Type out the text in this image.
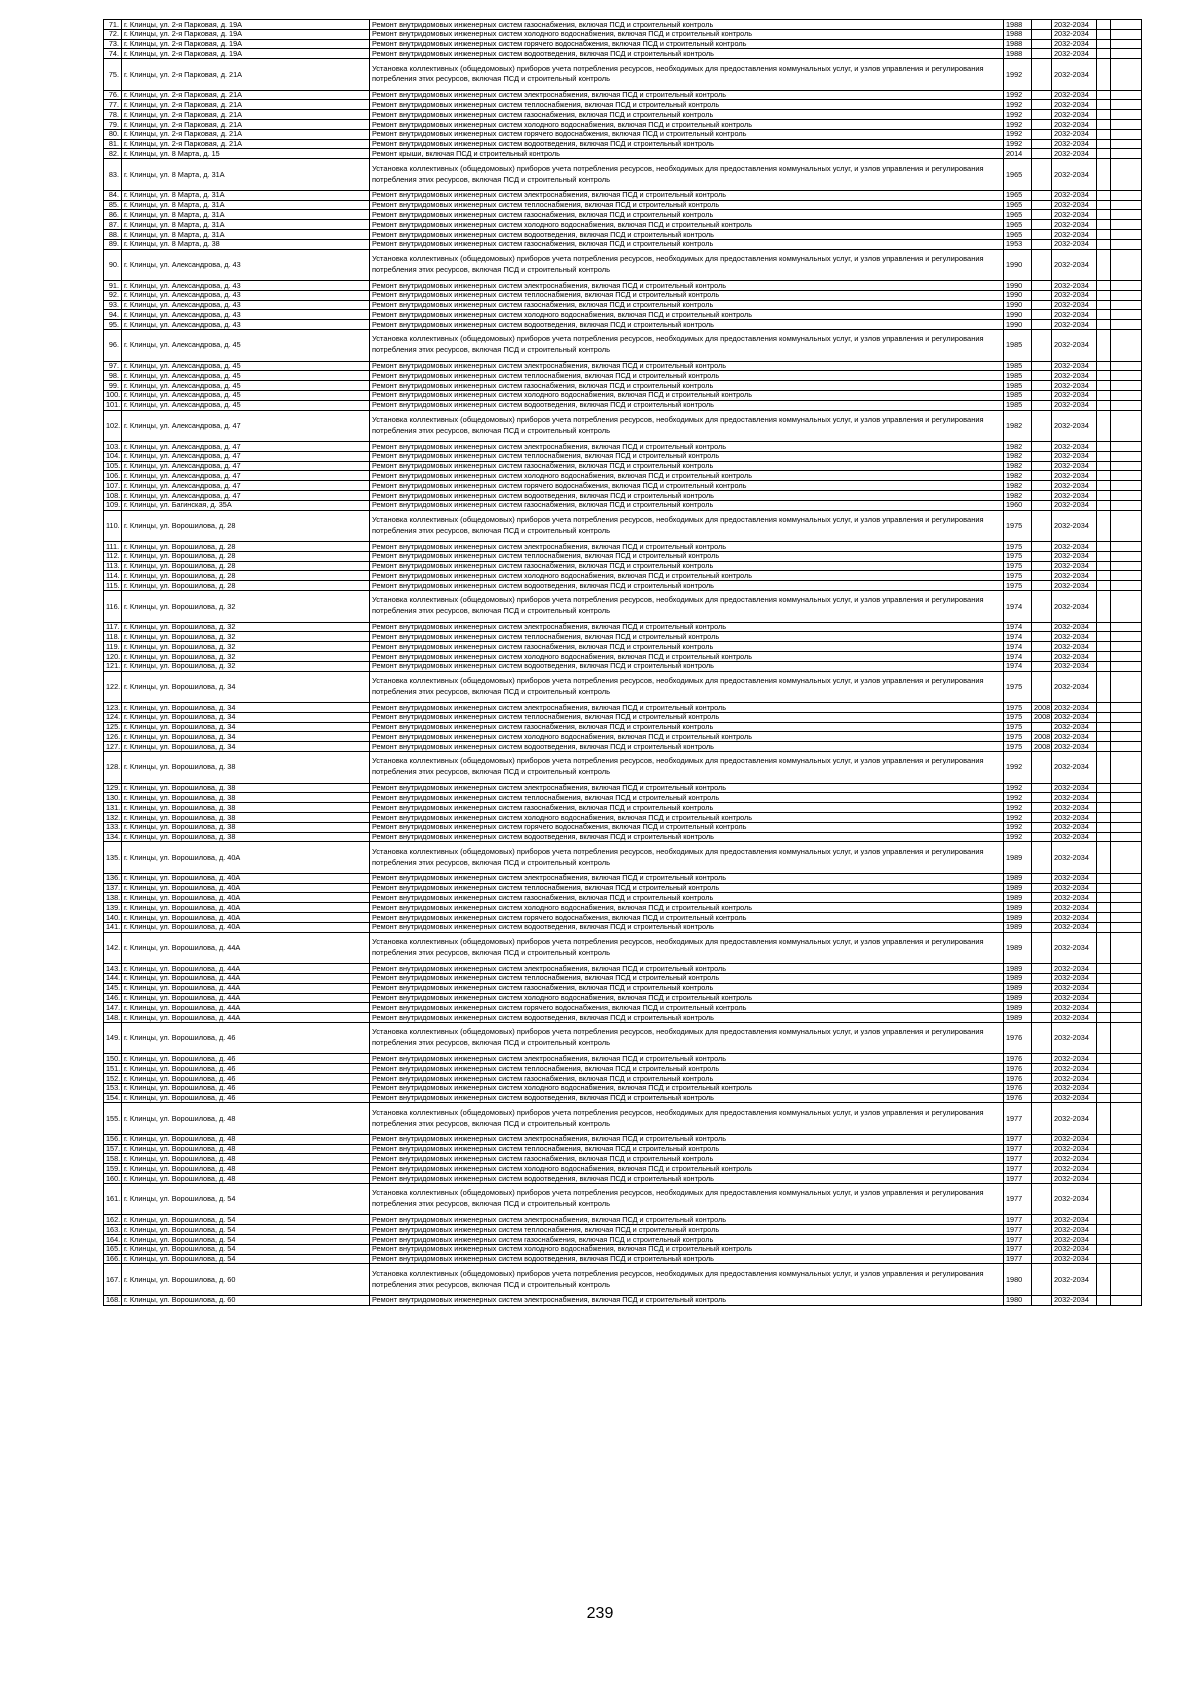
71.	г. Клинцы, ул. 2-я Парковая, д. 19А	Ремонт внутридомовых инженерных систем газоснабжения, включая ПСД и строительный контроль	1988		2032-2034		
72.	г. Клинцы, ул. 2-я Парковая, д. 19А	Ремонт внутридомовых инженерных систем холодного водоснабжения, включая ПСД и строительный контроль	1988		2032-2034		
73.	г. Клинцы, ул. 2-я Парковая, д. 19А	Ремонт внутридомовых инженерных систем горячего водоснабжения, включая ПСД и строительный контроль	1988		2032-2034		
74.	г. Клинцы, ул. 2-я Парковая, д. 19А	Ремонт внутридомовых инженерных систем водоотведения, включая ПСД и строительный контроль	1988		2032-2034		
75.	г. Клинцы, ул. 2-я Парковая, д. 21А	Установка коллективных (общедомовых) приборов учета потребления ресурсов, необходимых для предоставления коммунальных услуг, и узлов управления и регулирования потребления этих ресурсов, включая ПСД и строительный контроль	1992		2032-2034		
76.	г. Клинцы, ул. 2-я Парковая, д. 21А	Ремонт внутридомовых инженерных систем электроснабжения, включая ПСД и строительный контроль	1992		2032-2034		
77.	г. Клинцы, ул. 2-я Парковая, д. 21А	Ремонт внутридомовых инженерных систем теплоснабжения, включая ПСД и строительный контроль	1992		2032-2034		
78.	г. Клинцы, ул. 2-я Парковая, д. 21А	Ремонт внутридомовых инженерных систем газоснабжения, включая ПСД и строительный контроль	1992		2032-2034		
79.	г. Клинцы, ул. 2-я Парковая, д. 21А	Ремонт внутридомовых инженерных систем холодного водоснабжения, включая ПСД и строительный контроль	1992		2032-2034		
80.	г. Клинцы, ул. 2-я Парковая, д. 21А	Ремонт внутридомовых инженерных систем горячего водоснабжения, включая ПСД и строительный контроль	1992		2032-2034		
81.	г. Клинцы, ул. 2-я Парковая, д. 21А	Ремонт внутридомовых инженерных систем водоотведения, включая ПСД и строительный контроль	1992		2032-2034		
82.	г. Клинцы, ул. 8 Марта, д. 15	Ремонт крыши, включая ПСД и строительный контроль	2014		2032-2034		
83.	г. Клинцы, ул. 8 Марта, д. 31А	Установка коллективных (общедомовых) приборов учета потребления ресурсов, необходимых для предоставления коммунальных услуг, и узлов управления и регулирования потребления этих ресурсов, включая ПСД и строительный контроль	1965		2032-2034		
84.	г. Клинцы, ул. 8 Марта, д. 31А	Ремонт внутридомовых инженерных систем электроснабжения, включая ПСД и строительный контроль	1965		2032-2034		
85.	г. Клинцы, ул. 8 Марта, д. 31А	Ремонт внутридомовых инженерных систем теплоснабжения, включая ПСД и строительный контроль	1965		2032-2034		
86.	г. Клинцы, ул. 8 Марта, д. 31А	Ремонт внутридомовых инженерных систем газоснабжения, включая ПСД и строительный контроль	1965		2032-2034		
87.	г. Клинцы, ул. 8 Марта, д. 31А	Ремонт внутридомовых инженерных систем холодного водоснабжения, включая ПСД и строительный контроль	1965		2032-2034		
88.	г. Клинцы, ул. 8 Марта, д. 31А	Ремонт внутридомовых инженерных систем водоотведения, включая ПСД и строительный контроль	1965		2032-2034		
89.	г. Клинцы, ул. 8 Марта, д. 38	Ремонт внутридомовых инженерных систем газоснабжения, включая ПСД и строительный контроль	1953		2032-2034		
90.	г. Клинцы, ул. Александрова, д. 43	Установка коллективных (общедомовых) приборов учета потребления ресурсов, необходимых для предоставления коммунальных услуг, и узлов управления и регулирования потребления этих ресурсов, включая ПСД и строительный контроль	1990		2032-2034		
91.	г. Клинцы, ул. Александрова, д. 43	Ремонт внутридомовых инженерных систем электроснабжения, включая ПСД и строительный контроль	1990		2032-2034		
92.	г. Клинцы, ул. Александрова, д. 43	Ремонт внутридомовых инженерных систем теплоснабжения, включая ПСД и строительный контроль	1990		2032-2034		
93.	г. Клинцы, ул. Александрова, д. 43	Ремонт внутридомовых инженерных систем газоснабжения, включая ПСД и строительный контроль	1990		2032-2034		
94.	г. Клинцы, ул. Александрова, д. 43	Ремонт внутридомовых инженерных систем холодного водоснабжения, включая ПСД и строительный контроль	1990		2032-2034		
95.	г. Клинцы, ул. Александрова, д. 43	Ремонт внутридомовых инженерных систем водоотведения, включая ПСД и строительный контроль	1990		2032-2034		
96.	г. Клинцы, ул. Александрова, д. 45	Установка коллективных (общедомовых) приборов учета потребления ресурсов, необходимых для предоставления коммунальных услуг, и узлов управления и регулирования потребления этих ресурсов, включая ПСД и строительный контроль	1985		2032-2034		
97.	г. Клинцы, ул. Александрова, д. 45	Ремонт внутридомовых инженерных систем электроснабжения, включая ПСД и строительный контроль	1985		2032-2034		
98.	г. Клинцы, ул. Александрова, д. 45	Ремонт внутридомовых инженерных систем теплоснабжения, включая ПСД и строительный контроль	1985		2032-2034		
99.	г. Клинцы, ул. Александрова, д. 45	Ремонт внутридомовых инженерных систем газоснабжения, включая ПСД и строительный контроль	1985		2032-2034		
100.	г. Клинцы, ул. Александрова, д. 45	Ремонт внутридомовых инженерных систем холодного водоснабжения, включая ПСД и строительный контроль	1985		2032-2034		
101.	г. Клинцы, ул. Александрова, д. 45	Ремонт внутридомовых инженерных систем водоотведения, включая ПСД и строительный контроль	1985		2032-2034		
102.	г. Клинцы, ул. Александрова, д. 47	Установка коллективных (общедомовых) приборов учета потребления ресурсов, необходимых для предоставления коммунальных услуг, и узлов управления и регулирования потребления этих ресурсов, включая ПСД и строительный контроль	1982		2032-2034		
103.	г. Клинцы, ул. Александрова, д. 47	Ремонт внутридомовых инженерных систем электроснабжения, включая ПСД и строительный контроль	1982		2032-2034		
104.	г. Клинцы, ул. Александрова, д. 47	Ремонт внутридомовых инженерных систем теплоснабжения, включая ПСД и строительный контроль	1982		2032-2034		
105.	г. Клинцы, ул. Александрова, д. 47	Ремонт внутридомовых инженерных систем газоснабжения, включая ПСД и строительный контроль	1982		2032-2034		
106.	г. Клинцы, ул. Александрова, д. 47	Ремонт внутридомовых инженерных систем холодного водоснабжения, включая ПСД и строительный контроль	1982		2032-2034		
107.	г. Клинцы, ул. Александрова, д. 47	Ремонт внутридомовых инженерных систем горячего водоснабжения, включая ПСД и строительный контроль	1982		2032-2034		
108.	г. Клинцы, ул. Александрова, д. 47	Ремонт внутридомовых инженерных систем водоотведения, включая ПСД и строительный контроль	1982		2032-2034		
109.	г. Клинцы, ул. Багинская, д. 35А	Ремонт внутридомовых инженерных систем газоснабжения, включая ПСД и строительный контроль	1960		2032-2034		
110.	г. Клинцы, ул. Ворошилова, д. 28	Установка коллективных (общедомовых) приборов учета потребления ресурсов, необходимых для предоставления коммунальных услуг, и узлов управления и регулирования потребления этих ресурсов, включая ПСД и строительный контроль	1975		2032-2034		
111.	г. Клинцы, ул. Ворошилова, д. 28	Ремонт внутридомовых инженерных систем электроснабжения, включая ПСД и строительный контроль	1975		2032-2034		
112.	г. Клинцы, ул. Ворошилова, д. 28	Ремонт внутридомовых инженерных систем теплоснабжения, включая ПСД и строительный контроль	1975		2032-2034		
113.	г. Клинцы, ул. Ворошилова, д. 28	Ремонт внутридомовых инженерных систем газоснабжения, включая ПСД и строительный контроль	1975		2032-2034		
114.	г. Клинцы, ул. Ворошилова, д. 28	Ремонт внутридомовых инженерных систем холодного водоснабжения, включая ПСД и строительный контроль	1975		2032-2034		
115.	г. Клинцы, ул. Ворошилова, д. 28	Ремонт внутридомовых инженерных систем водоотведения, включая ПСД и строительный контроль	1975		2032-2034		
116.	г. Клинцы, ул. Ворошилова, д. 32	Установка коллективных (общедомовых) приборов учета потребления ресурсов, необходимых для предоставления коммунальных услуг, и узлов управления и регулирования потребления этих ресурсов, включая ПСД и строительный контроль	1974		2032-2034		
117.	г. Клинцы, ул. Ворошилова, д. 32	Ремонт внутридомовых инженерных систем электроснабжения, включая ПСД и строительный контроль	1974		2032-2034		
118.	г. Клинцы, ул. Ворошилова, д. 32	Ремонт внутридомовых инженерных систем теплоснабжения, включая ПСД и строительный контроль	1974		2032-2034		
119.	г. Клинцы, ул. Ворошилова, д. 32	Ремонт внутридомовых инженерных систем газоснабжения, включая ПСД и строительный контроль	1974		2032-2034		
120.	г. Клинцы, ул. Ворошилова, д. 32	Ремонт внутридомовых инженерных систем холодного водоснабжения, включая ПСД и строительный контроль	1974		2032-2034		
121.	г. Клинцы, ул. Ворошилова, д. 32	Ремонт внутридомовых инженерных систем водоотведения, включая ПСД и строительный контроль	1974		2032-2034		
122.	г. Клинцы, ул. Ворошилова, д. 34	Установка коллективных (общедомовых) приборов учета потребления ресурсов, необходимых для предоставления коммунальных услуг, и узлов управления и регулирования потребления этих ресурсов, включая ПСД и строительный контроль	1975		2032-2034		
123.	г. Клинцы, ул. Ворошилова, д. 34	Ремонт внутридомовых инженерных систем электроснабжения, включая ПСД и строительный контроль	1975	2008	2032-2034		
124.	г. Клинцы, ул. Ворошилова, д. 34	Ремонт внутридомовых инженерных систем теплоснабжения, включая ПСД и строительный контроль	1975	2008	2032-2034		
125.	г. Клинцы, ул. Ворошилова, д. 34	Ремонт внутридомовых инженерных систем газоснабжения, включая ПСД и строительный контроль	1975		2032-2034		
126.	г. Клинцы, ул. Ворошилова, д. 34	Ремонт внутридомовых инженерных систем холодного водоснабжения, включая ПСД и строительный контроль	1975	2008	2032-2034		
127.	г. Клинцы, ул. Ворошилова, д. 34	Ремонт внутридомовых инженерных систем водоотведения, включая ПСД и строительный контроль	1975	2008	2032-2034		
128.	г. Клинцы, ул. Ворошилова, д. 38	Установка коллективных (общедомовых) приборов учета потребления ресурсов, необходимых для предоставления коммунальных услуг, и узлов управления и регулирования потребления этих ресурсов, включая ПСД и строительный контроль	1992		2032-2034		
129.	г. Клинцы, ул. Ворошилова, д. 38	Ремонт внутридомовых инженерных систем электроснабжения, включая ПСД и строительный контроль	1992		2032-2034		
130.	г. Клинцы, ул. Ворошилова, д. 38	Ремонт внутридомовых инженерных систем теплоснабжения, включая ПСД и строительный контроль	1992		2032-2034		
131.	г. Клинцы, ул. Ворошилова, д. 38	Ремонт внутридомовых инженерных систем газоснабжения, включая ПСД и строительный контроль	1992		2032-2034		
132.	г. Клинцы, ул. Ворошилова, д. 38	Ремонт внутридомовых инженерных систем холодного водоснабжения, включая ПСД и строительный контроль	1992		2032-2034		
133.	г. Клинцы, ул. Ворошилова, д. 38	Ремонт внутридомовых инженерных систем горячего водоснабжения, включая ПСД и строительный контроль	1992		2032-2034		
134.	г. Клинцы, ул. Ворошилова, д. 38	Ремонт внутридомовых инженерных систем водоотведения, включая ПСД и строительный контроль	1992		2032-2034		
135.	г. Клинцы, ул. Ворошилова, д. 40А	Установка коллективных (общедомовых) приборов учета потребления ресурсов, необходимых для предоставления коммунальных услуг, и узлов управления и регулирования потребления этих ресурсов, включая ПСД и строительный контроль	1989		2032-2034		
136.	г. Клинцы, ул. Ворошилова, д. 40А	Ремонт внутридомовых инженерных систем электроснабжения, включая ПСД и строительный контроль	1989		2032-2034		
137.	г. Клинцы, ул. Ворошилова, д. 40А	Ремонт внутридомовых инженерных систем теплоснабжения, включая ПСД и строительный контроль	1989		2032-2034		
138.	г. Клинцы, ул. Ворошилова, д. 40А	Ремонт внутридомовых инженерных систем газоснабжения, включая ПСД и строительный контроль	1989		2032-2034		
139.	г. Клинцы, ул. Ворошилова, д. 40А	Ремонт внутридомовых инженерных систем холодного водоснабжения, включая ПСД и строительный контроль	1989		2032-2034		
140.	г. Клинцы, ул. Ворошилова, д. 40А	Ремонт внутридомовых инженерных систем горячего водоснабжения, включая ПСД и строительный контроль	1989		2032-2034		
141.	г. Клинцы, ул. Ворошилова, д. 40А	Ремонт внутридомовых инженерных систем водоотведения, включая ПСД и строительный контроль	1989		2032-2034		
142.	г. Клинцы, ул. Ворошилова, д. 44А	Установка коллективных (общедомовых) приборов учета потребления ресурсов, необходимых для предоставления коммунальных услуг, и узлов управления и регулирования потребления этих ресурсов, включая ПСД и строительный контроль	1989		2032-2034		
143.	г. Клинцы, ул. Ворошилова, д. 44А	Ремонт внутридомовых инженерных систем электроснабжения, включая ПСД и строительный контроль	1989		2032-2034		
144.	г. Клинцы, ул. Ворошилова, д. 44А	Ремонт внутридомовых инженерных систем теплоснабжения, включая ПСД и строительный контроль	1989		2032-2034		
145.	г. Клинцы, ул. Ворошилова, д. 44А	Ремонт внутридомовых инженерных систем газоснабжения, включая ПСД и строительный контроль	1989		2032-2034		
146.	г. Клинцы, ул. Ворошилова, д. 44А	Ремонт внутридомовых инженерных систем холодного водоснабжения, включая ПСД и строительный контроль	1989		2032-2034		
147.	г. Клинцы, ул. Ворошилова, д. 44А	Ремонт внутридомовых инженерных систем горячего водоснабжения, включая ПСД и строительный контроль	1989		2032-2034		
148.	г. Клинцы, ул. Ворошилова, д. 44А	Ремонт внутридомовых инженерных систем водоотведения, включая ПСД и строительный контроль	1989		2032-2034		
149.	г. Клинцы, ул. Ворошилова, д. 46	Установка коллективных (общедомовых) приборов учета потребления ресурсов, необходимых для предоставления коммунальных услуг, и узлов управления и регулирования потребления этих ресурсов, включая ПСД и строительный контроль	1976		2032-2034		
150.	г. Клинцы, ул. Ворошилова, д. 46	Ремонт внутридомовых инженерных систем электроснабжения, включая ПСД и строительный контроль	1976		2032-2034		
151.	г. Клинцы, ул. Ворошилова, д. 46	Ремонт внутридомовых инженерных систем теплоснабжения, включая ПСД и строительный контроль	1976		2032-2034		
152.	г. Клинцы, ул. Ворошилова, д. 46	Ремонт внутридомовых инженерных систем газоснабжения, включая ПСД и строительный контроль	1976		2032-2034		
153.	г. Клинцы, ул. Ворошилова, д. 46	Ремонт внутридомовых инженерных систем холодного водоснабжения, включая ПСД и строительный контроль	1976		2032-2034		
154.	г. Клинцы, ул. Ворошилова, д. 46	Ремонт внутридомовых инженерных систем водоотведения, включая ПСД и строительный контроль	1976		2032-2034		
155.	г. Клинцы, ул. Ворошилова, д. 48	Установка коллективных (общедомовых) приборов учета потребления ресурсов, необходимых для предоставления коммунальных услуг, и узлов управления и регулирования потребления этих ресурсов, включая ПСД и строительный контроль	1977		2032-2034		
156.	г. Клинцы, ул. Ворошилова, д. 48	Ремонт внутридомовых инженерных систем электроснабжения, включая ПСД и строительный контроль	1977		2032-2034		
157.	г. Клинцы, ул. Ворошилова, д. 48	Ремонт внутридомовых инженерных систем теплоснабжения, включая ПСД и строительный контроль	1977		2032-2034		
158.	г. Клинцы, ул. Ворошилова, д. 48	Ремонт внутридомовых инженерных систем газоснабжения, включая ПСД и строительный контроль	1977		2032-2034		
159.	г. Клинцы, ул. Ворошилова, д. 48	Ремонт внутридомовых инженерных систем холодного водоснабжения, включая ПСД и строительный контроль	1977		2032-2034		
160.	г. Клинцы, ул. Ворошилова, д. 48	Ремонт внутридомовых инженерных систем водоотведения, включая ПСД и строительный контроль	1977		2032-2034		
161.	г. Клинцы, ул. Ворошилова, д. 54	Установка коллективных (общедомовых) приборов учета потребления ресурсов, необходимых для предоставления коммунальных услуг, и узлов управления и регулирования потребления этих ресурсов, включая ПСД и строительный контроль	1977		2032-2034		
162.	г. Клинцы, ул. Ворошилова, д. 54	Ремонт внутридомовых инженерных систем электроснабжения, включая ПСД и строительный контроль	1977		2032-2034		
163.	г. Клинцы, ул. Ворошилова, д. 54	Ремонт внутридомовых инженерных систем теплоснабжения, включая ПСД и строительный контроль	1977		2032-2034		
164.	г. Клинцы, ул. Ворошилова, д. 54	Ремонт внутридомовых инженерных систем газоснабжения, включая ПСД и строительный контроль	1977		2032-2034		
165.	г. Клинцы, ул. Ворошилова, д. 54	Ремонт внутридомовых инженерных систем холодного водоснабжения, включая ПСД и строительный контроль	1977		2032-2034		
166.	г. Клинцы, ул. Ворошилова, д. 54	Ремонт внутридомовых инженерных систем водоотведения, включая ПСД и строительный контроль	1977		2032-2034		
167.	г. Клинцы, ул. Ворошилова, д. 60	Установка коллективных (общедомовых) приборов учета потребления ресурсов, необходимых для предоставления коммунальных услуг, и узлов управления и регулирования потребления этих ресурсов, включая ПСД и строительный контроль	1980		2032-2034		
168.	г. Клинцы, ул. Ворошилова, д. 60	Ремонт внутридомовых инженерных систем электроснабжения, включая ПСД и строительный контроль	1980		2032-2034		
239
